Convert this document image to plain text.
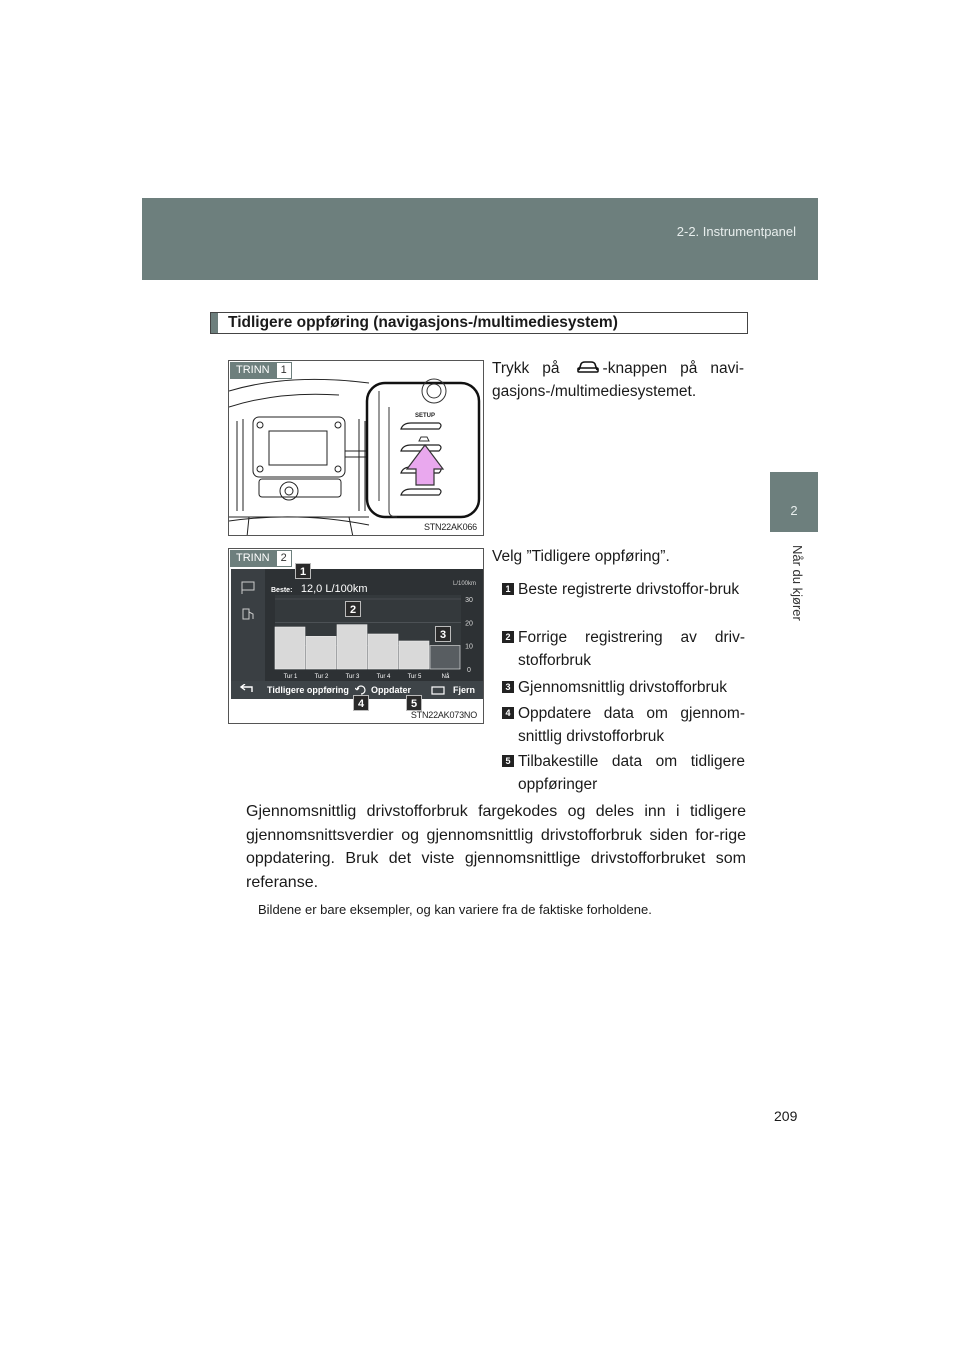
2-2. Instrumentpanel
2
Når du kjører
Tidligere oppføring (navigasjons-/multimediesystem)
SETUP
TRINN	1
STN22AK066
Trykk på	-knappen på navi-gasjons-/multimediesystemet.
Beste: 12,0 L/100km	L/100km
0
10
20
30
Tur 1	Tur 2	Tur 3	Tur 4	Tur 5	Nå
Tidligere oppføring	Oppdater	Fjern
1
2
3
4	5
TRINN	2
STN22AK073NO
Velg ”Tidligere oppføring”.
1 Beste registrerte drivstoffor-bruk
2 Forrige registrering av driv-stofforbruk
3 Gjennomsnittlig drivstofforbruk
4 Oppdatere data om gjennom-snittlig drivstofforbruk
5 Tilbakestille data om tidligere oppføringer
Gjennomsnittlig drivstofforbruk fargekodes og deles inn i tidligere gjennomsnittsverdier og gjennomsnittlig drivstofforbruk siden for-rige oppdatering. Bruk det viste gjennomsnittlige drivstofforbruket som referanse.
Bildene er bare eksempler, og kan variere fra de faktiske forholdene.
209
